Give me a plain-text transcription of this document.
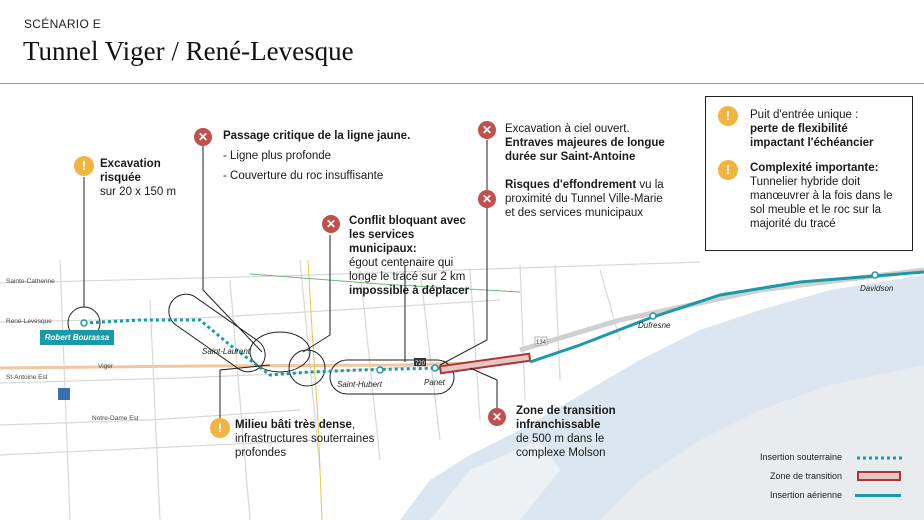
SCÉNARIO E
Tunnel Viger / René-Levesque
Sainte-Catherine
René-Levesque
Viger
St-Antoine Est
Notre-Dame Est
Saint-Laurent
Saint-Hubert	Panet
Dufresne
Davidson
720
134
Robert Bourassa
!	Excavation risquée
sur 20 x 150 m
✕	Passage critique de la ligne jaune.

- Ligne plus profonde
- Couverture du roc insuffisante
✕	Conflit bloquant avec les services municipaux:
égout centenaire qui longe le tracé sur 2 km
impossible à déplacer
✕	Excavation à ciel ouvert.
Entraves majeures de longue durée sur Saint-Antoine
✕
Risques d'effondrement vu la proximité du Tunnel Ville-Marie et des services municipaux
!	Milieu bâti très dense, infrastructures souterraines profondes
✕	Zone de transition infranchissable
de 500 m dans le complexe Molson
!	Puit d'entrée unique :
perte de flexibilité impactant l'échéancier
!	Complexité importante:
Tunnelier hybride doit manœuvrer à la fois dans le sol meuble et le roc sur la majorité du tracé
Insertion souterraine
Zone de transition
Insertion aérienne
